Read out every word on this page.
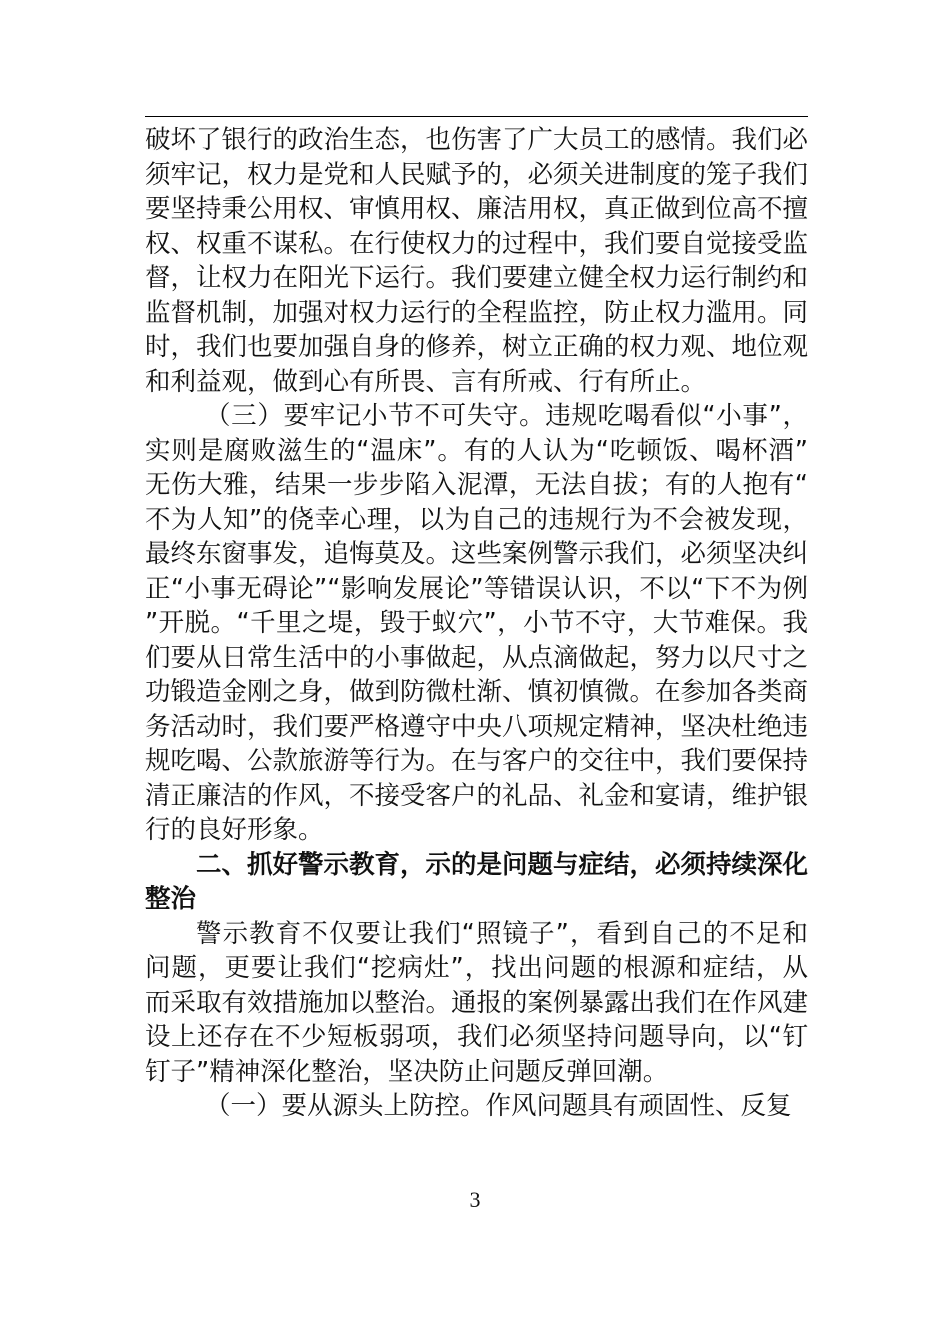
破坏了银行的政治生态，也伤害了广大员工的感情。我们必须牢记，权力是党和人民赋予的，必须关进制度的笼子我们要坚持秉公用权、审慎用权、廉洁用权，真正做到位高不擅权、权重不谋私。在行使权力的过程中，我们要自觉接受监督，让权力在阳光下运行。我们要建立健全权力运行制约和监督机制，加强对权力运行的全程监控，防止权力滥用。同时，我们也要加强自身的修养，树立正确的权力观、地位观和利益观，做到心有所畏、言有所戒、行有所止。

（三）要牢记小节不可失守。违规吃喝看似“小事”，实则是腐败滋生的“温床”。有的人认为“吃顿饭、喝杯酒”无伤大雅，结果一步步陷入泥潭，无法自拔；有的人抱有“不为人知”的侥幸心理，以为自己的违规行为不会被发现，最终东窗事发，追悔莫及。这些案例警示我们，必须坚决纠正“小事无碍论”“影响发展论”等错误认识，不以“下不为例”开脱。“千里之堤，毁于蚁穴”，小节不守，大节难保。我们要从日常生活中的小事做起，从点滴做起，努力以尺寸之功锻造金刚之身，做到防微杜渐、慎初慎微。在参加各类商务活动时，我们要严格遵守中央八项规定精神，坚决杜绝违规吃喝、公款旅游等行为。在与客户的交往中，我们要保持清正廉洁的作风，不接受客户的礼品、礼金和宴请，维护银行的良好形象。

二、抓好警示教育，示的是问题与症结，必须持续深化整治

警示教育不仅要让我们“照镜子”，看到自己的不足和问题，更要让我们“挖病灶”，找出问题的根源和症结，从而采取有效措施加以整治。通报的案例暴露出我们在作风建设上还存在不少短板弱项，我们必须坚持问题导向，以“钉钉子”精神深化整治，坚决防止问题反弹回潮。

（一）要从源头上防控。作风问题具有顽固性、反复

3
